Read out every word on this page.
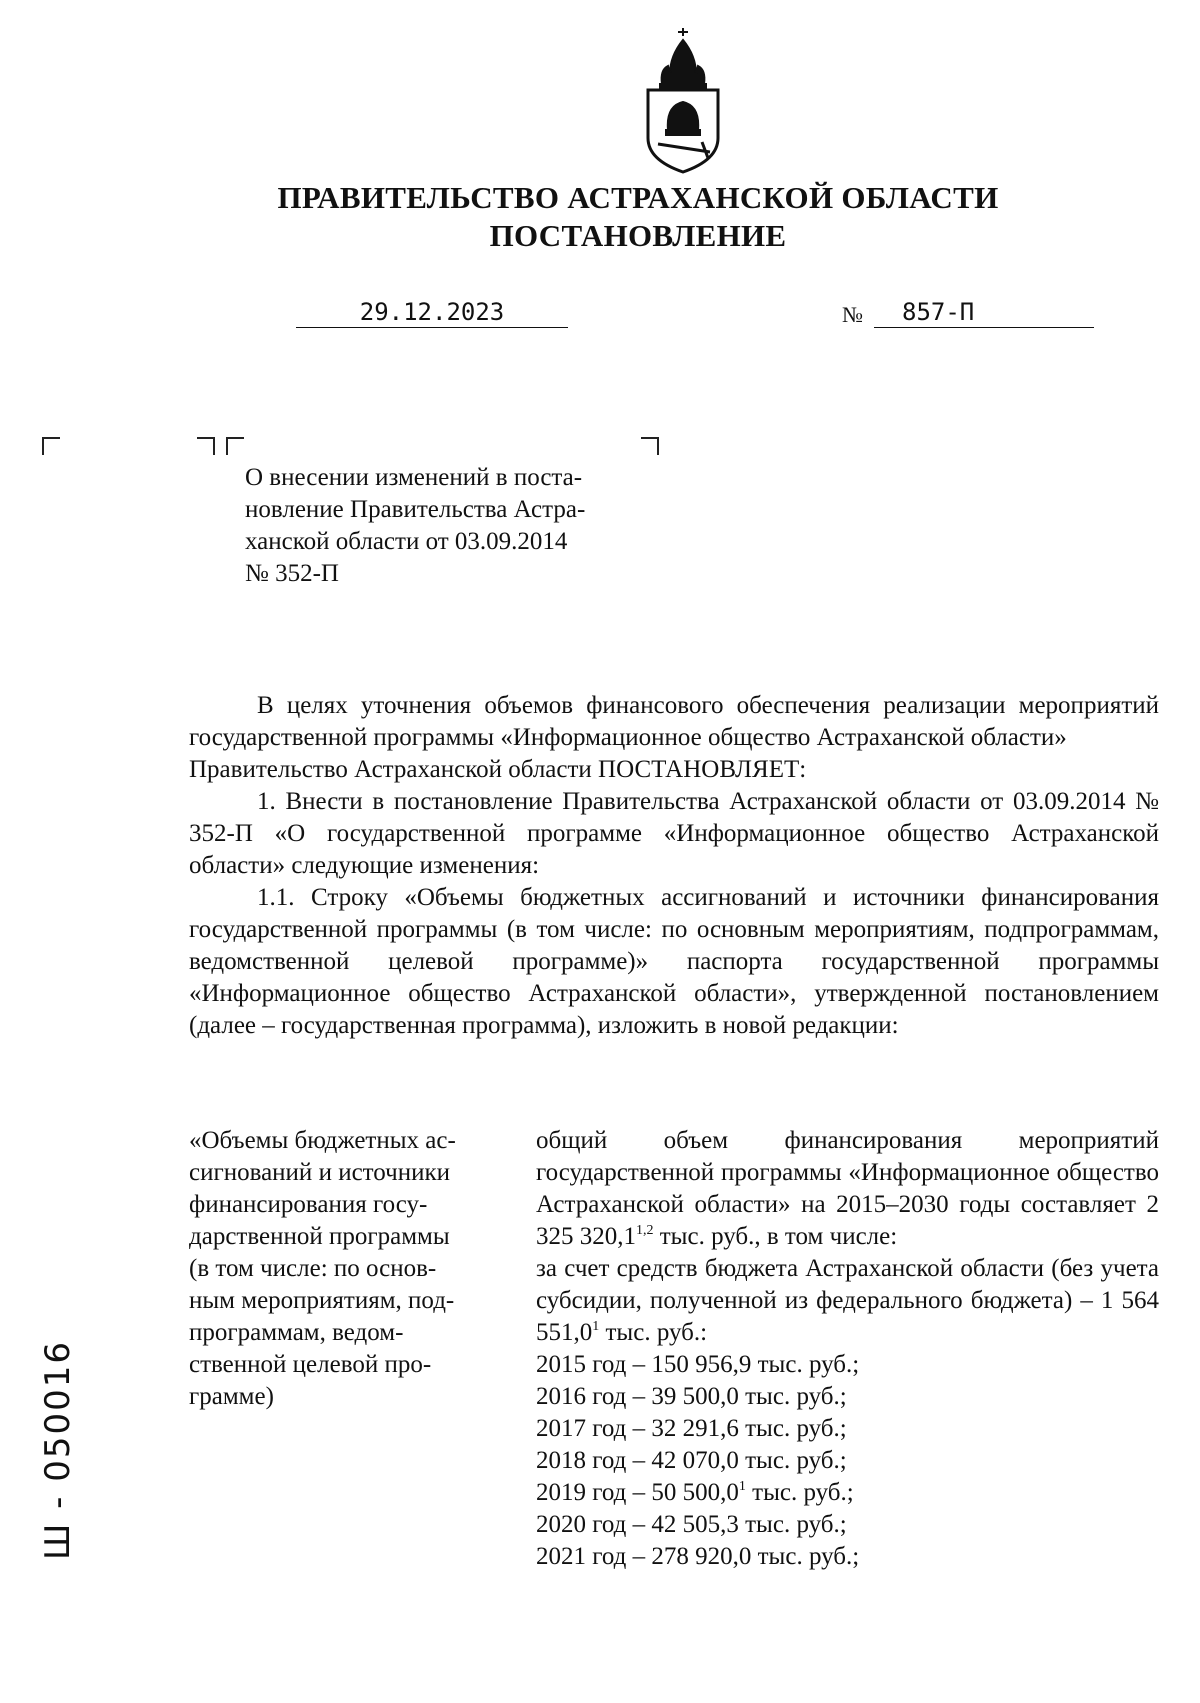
ПРАВИТЕЛЬСТВО АСТРАХАНСКОЙ ОБЛАСТИ
ПОСТАНОВЛЕНИЕ
29.12.2023	№	857-П
О внесении изменений в поста-
новление Правительства Астра-
ханской области от 03.09.2014
№ 352-П

В целях уточнения объемов финансового обеспечения реализации мероприятий государственной программы «Информационное общество Астраханской области»

Правительство Астраханской области ПОСТАНОВЛЯЕТ:

1. Внести в постановление Правительства Астраханской области от 03.09.2014 № 352-П «О государственной программе «Информационное общество Астраханской области» следующие изменения:

1.1. Строку «Объемы бюджетных ассигнований и источники финансирования государственной программы (в том числе: по основным мероприятиям, подпрограммам, ведомственной целевой программе)» паспорта государственной программы «Информационное общество Астраханской области», утвержденной постановлением (далее – государственная программа), изложить в новой редакции:

«Объемы бюджетных ас-
сигнований и источники
финансирования госу-
дарственной программы
(в том числе: по основ-
ным мероприятиям, под-
программам, ведом-
ственной целевой про-
грамме)
общий объем финансирования мероприятий государственной программы «Информационное общество Астраханской области» на 2015–2030 годы составляет 2 325 320,1$^{1,2}$ тыс. руб., в том числе:
за счет средств бюджета Астраханской области (без учета субсидии, полученной из федерального бюджета) – 1 564 551,0$^1$ тыс. руб.:
2015 год – 150 956,9 тыс. руб.;
2016 год – 39 500,0 тыс. руб.;
2017 год – 32 291,6 тыс. руб.;
2018 год – 42 070,0 тыс. руб.;
2019 год – 50 500,0$^1$ тыс. руб.;
2020 год – 42 505,3 тыс. руб.;
2021 год – 278 920,0 тыс. руб.;
Ш - 050016
